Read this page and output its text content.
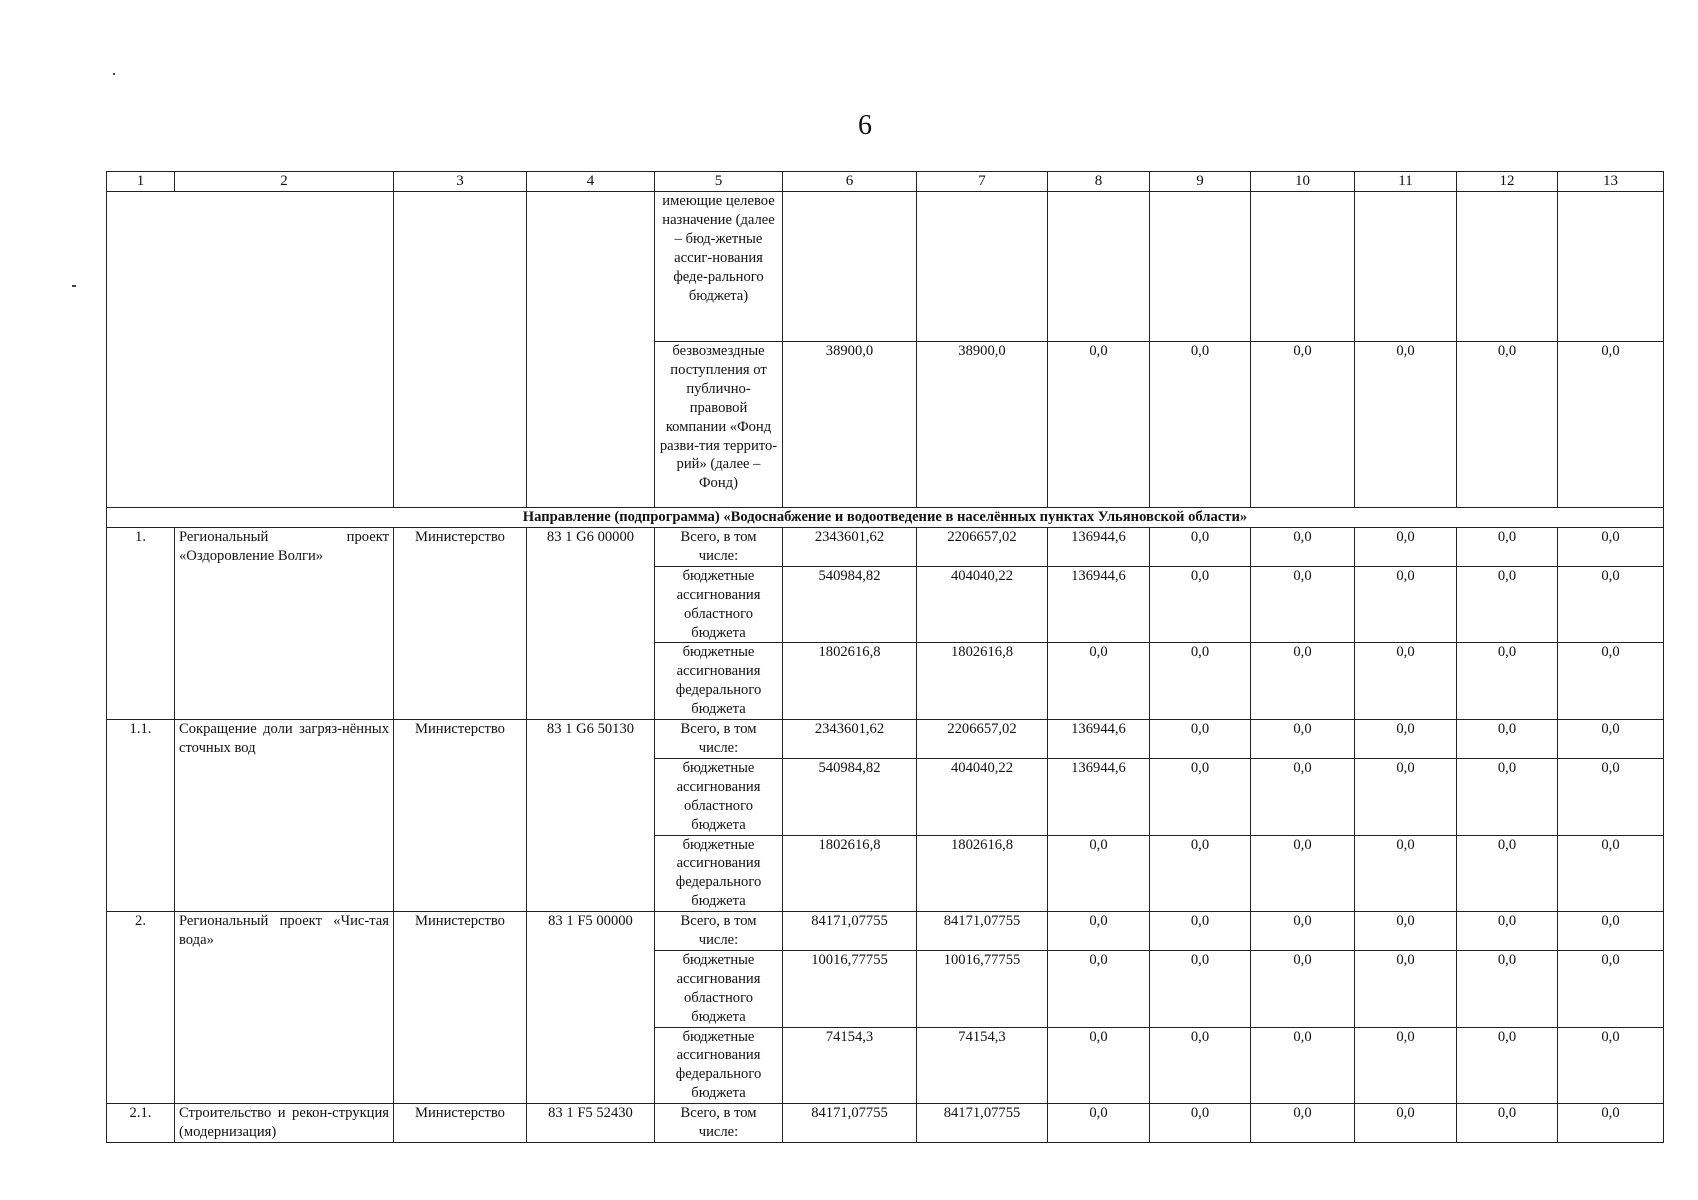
6
1	2	3	4	5	6	7	8	9	10	11	12	13
				имеющие целевое назначение (далее – бюд-жетные ассиг-нования феде-рального бюджета)								
				безвозмездные поступления от публично-правовой компании «Фонд разви-тия террито-рий» (далее – Фонд)	38900,0	38900,0	0,0	0,0	0,0	0,0	0,0	0,0
Направление (подпрограмма) «Водоснабжение и водоотведение в населённых пунктах Ульяновской области»												
1.	Региональный проект «Оздоровление Волги»	Министерство	83 1 G6 00000	Всего, в том числе:	2343601,62	2206657,02	136944,6	0,0	0,0	0,0	0,0	0,0
				бюджетные ассигнования областного бюджета	540984,82	404040,22	136944,6	0,0	0,0	0,0	0,0	0,0
				бюджетные ассигнования федерального бюджета	1802616,8	1802616,8	0,0	0,0	0,0	0,0	0,0	0,0
1.1.	Сокращение доли загряз-нённых сточных вод	Министерство	83 1 G6 50130	Всего, в том числе:	2343601,62	2206657,02	136944,6	0,0	0,0	0,0	0,0	0,0
				бюджетные ассигнования областного бюджета	540984,82	404040,22	136944,6	0,0	0,0	0,0	0,0	0,0
				бюджетные ассигнования федерального бюджета	1802616,8	1802616,8	0,0	0,0	0,0	0,0	0,0	0,0
2.	Региональный проект «Чис-тая вода»	Министерство	83 1 F5 00000	Всего, в том числе:	84171,07755	84171,07755	0,0	0,0	0,0	0,0	0,0	0,0
				бюджетные ассигнования областного бюджета	10016,77755	10016,77755	0,0	0,0	0,0	0,0	0,0	0,0
				бюджетные ассигнования федерального бюджета	74154,3	74154,3	0,0	0,0	0,0	0,0	0,0	0,0
2.1.	Строительство и рекон-струкция (модернизация)	Министерство	83 1 F5 52430	Всего, в том числе:	84171,07755	84171,07755	0,0	0,0	0,0	0,0	0,0	0,0
